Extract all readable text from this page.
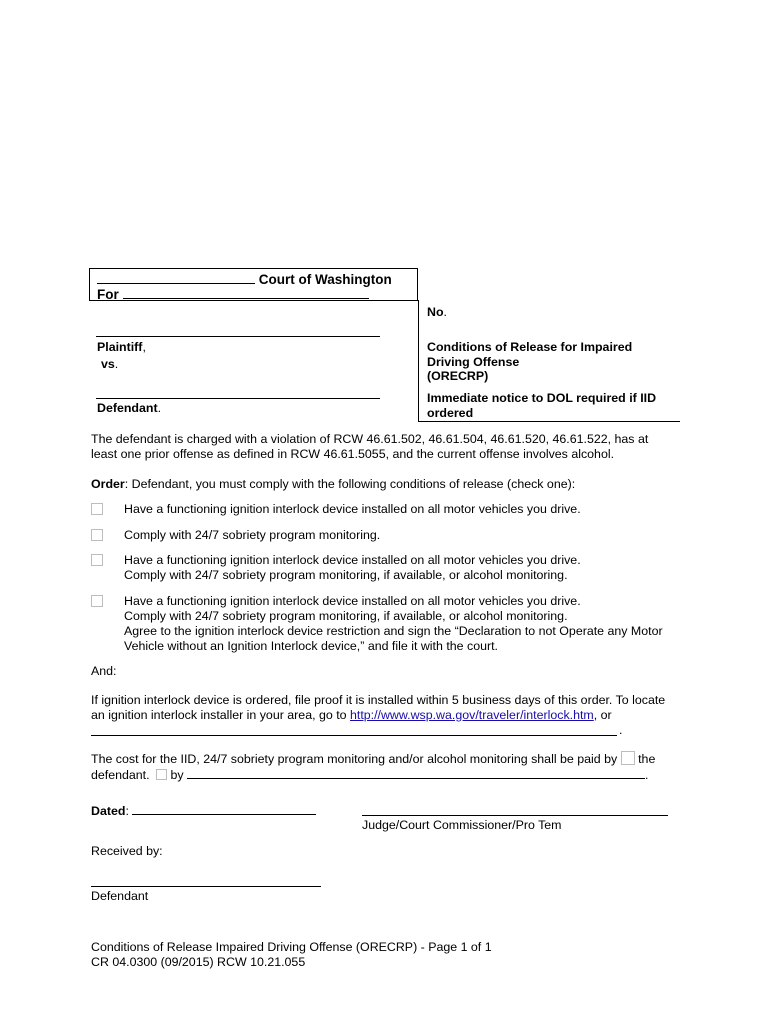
Court of Washington
For
No.
Plaintiff,
vs.
Defendant.
Conditions of Release for Impaired
Driving Offense
(ORECRP)
Immediate notice to DOL required if IID
ordered
The defendant is charged with a violation of RCW 46.61.502, 46.61.504, 46.61.520, 46.61.522, has at
least one prior offense as defined in RCW 46.61.5055, and the current offense involves alcohol.
Order: Defendant, you must comply with the following conditions of release (check one):
Have a functioning ignition interlock device installed on all motor vehicles you drive.
Comply with 24/7 sobriety program monitoring.
Have a functioning ignition interlock device installed on all motor vehicles you drive.
Comply with 24/7 sobriety program monitoring, if available, or alcohol monitoring.
Have a functioning ignition interlock device installed on all motor vehicles you drive.
Comply with 24/7 sobriety program monitoring, if available, or alcohol monitoring.
Agree to the ignition interlock device restriction and sign the “Declaration to not Operate any Motor
Vehicle without an Ignition Interlock device,” and file it with the court.
And:
If ignition interlock device is ordered, file proof it is installed within 5 business days of this order. To locate
an ignition interlock installer in your area, go to http://www.wsp.wa.gov/traveler/interlock.htm, or
.
The cost for the IID, 24/7 sobriety program monitoring and/or alcohol monitoring shall be paid by the
defendant. by	.
Dated:
Judge/Court Commissioner/Pro Tem
Received by:
Defendant
Conditions of Release Impaired Driving Offense (ORECRP) - Page 1 of 1
CR 04.0300 (09/2015) RCW 10.21.055
